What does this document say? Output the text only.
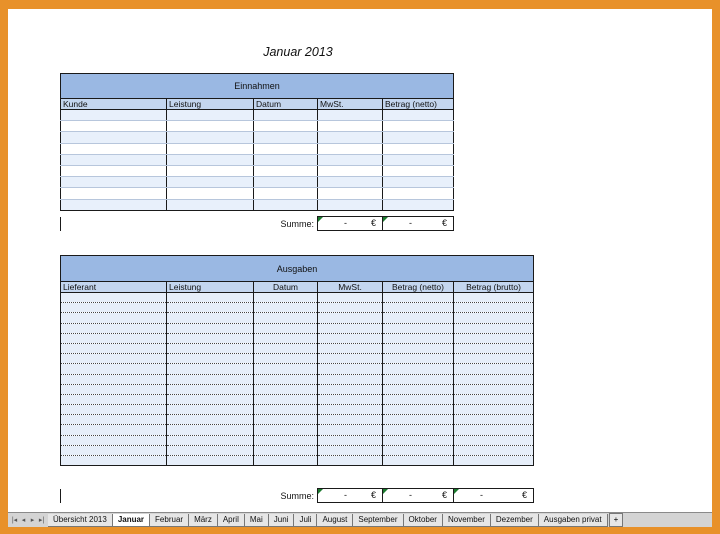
Januar 2013
Einnahmen				
Kunde	Leistung	Datum	MwSt.	Betrag (netto)

Summe:	-	€	-	€
Ausgaben					
Lieferant	Leistung	Datum	MwSt.	Betrag (netto)	Betrag (brutto)

Summe:	-	€	-	€	-	€
|◂ ◂ ▸ ▸|	Übersicht 2013	Januar	Februar	März	April	Mai	Juni	Juli	August	September	Oktober	November	Dezember	Ausgaben privat	+
